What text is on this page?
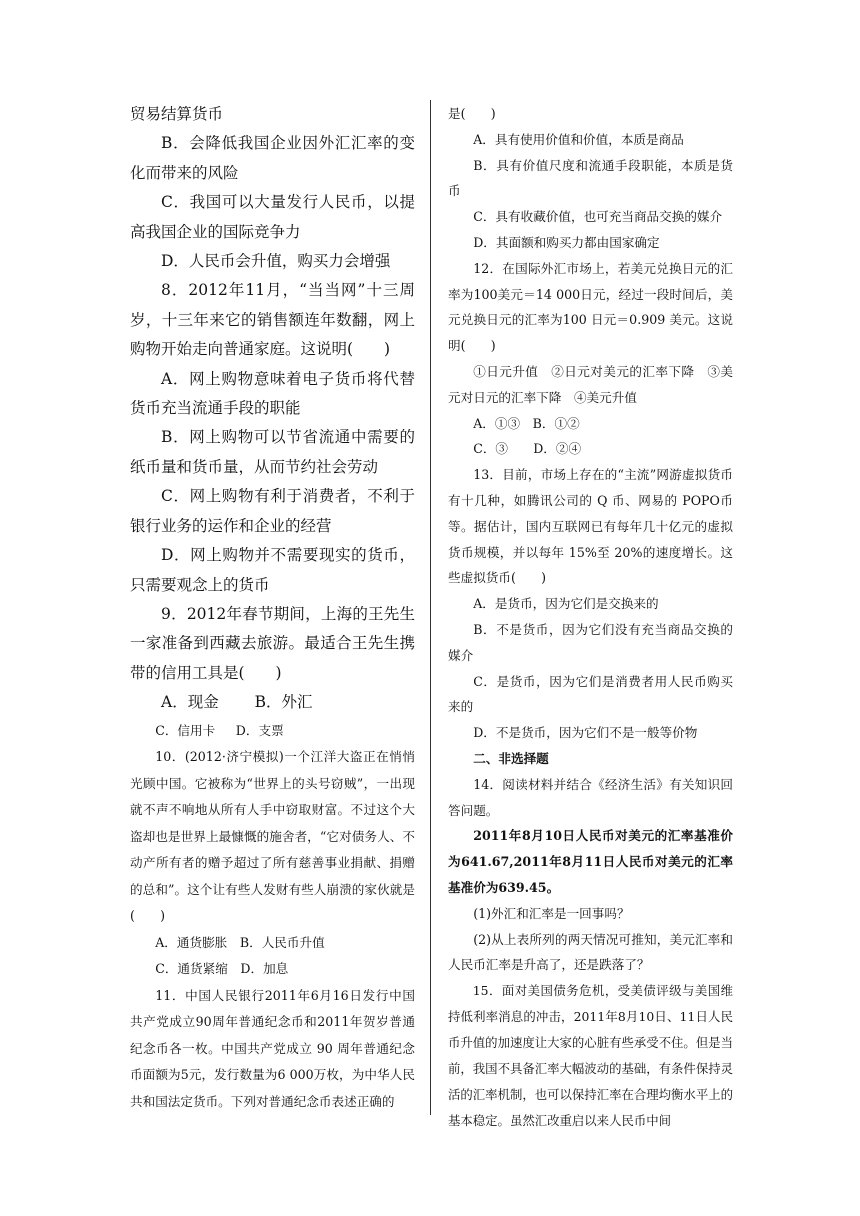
贸易结算货币

B．会降低我国企业因外汇汇率的变化而带来的风险

C．我国可以大量发行人民币，以提高我国企业的国际竞争力

D．人民币会升值，购买力会增强

8．2012年11月，“当当网”十三周岁，十三年来它的销售额连年数翻，网上购物开始走向普通家庭。这说明(　　)

A．网上购物意味着电子货币将代替货币充当流通手段的职能

B．网上购物可以节省流通中需要的纸币量和货币量，从而节约社会劳动

C．网上购物有利于消费者，不利于银行业务的运作和企业的经营

D．网上购物并不需要现实的货币，只需要观念上的货币

9．2012年春节期间，上海的王先生一家准备到西藏去旅游。最适合王先生携带的信用工具是(　　)

A．现金　　 B．外汇

C．信用卡　  D．支票

10．(2012·济宁模拟)一个江洋大盗正在悄悄光顾中国。它被称为“世界上的头号窃贼”，一出现就不声不响地从所有人手中窃取财富。不过这个大盗却也是世界上最慷慨的施舍者，“它对债务人、不动产所有者的赠予超过了所有慈善事业捐献、捐赠的总和”。这个让有些人发财有些人崩溃的家伙就是(　　)

A．通货膨胀　B．人民币升值

C．通货紧缩　D．加息

11．中国人民银行2011年6月16日发行中国共产党成立90周年普通纪念币和2011年贺岁普通纪念币各一枚。中国共产党成立 90 周年普通纪念币面额为5元，发行数量为6 000万枚，为中华人民共和国法定货币。下列对普通纪念币表述正确的

是(　　)

A．具有使用价值和价值，本质是商品

B．具有价值尺度和流通手段职能，本质是货币

C．具有收藏价值，也可充当商品交换的媒介

D．其面额和购买力都由国家确定

12．在国际外汇市场上，若美元兑换日元的汇率为100美元＝14 000日元，经过一段时间后，美元兑换日元的汇率为100 日元＝0.909 美元。这说明(　　)

①日元升值　②日元对美元的汇率下降　③美元对日元的汇率下降　④美元升值

A．①③　B．①②

C．③　　D．②④

13．目前，市场上存在的“主流”网游虚拟货币有十几种，如腾讯公司的 Q 币、网易的 POPO币等。据估计，国内互联网已有每年几十亿元的虚拟货币规模，并以每年 15%至 20%的速度增长。这些虚拟货币(　　)

A．是货币，因为它们是交换来的

B．不是货币，因为它们没有充当商品交换的媒介

C．是货币，因为它们是消费者用人民币购买来的

D．不是货币，因为它们不是一般等价物

二、非选择题

14．阅读材料并结合《经济生活》有关知识回答问题。

2011年8月10日人民币对美元的汇率基准价为641.67,2011年8月11日人民币对美元的汇率基准价为639.45。

(1)外汇和汇率是一回事吗？

(2)从上表所列的两天情况可推知，美元汇率和人民币汇率是升高了，还是跌落了？

15．面对美国债务危机，受美债评级与美国维持低利率消息的冲击，2011年8月10日、11日人民币升值的加速度让大家的心脏有些承受不住。但是当前，我国不具备汇率大幅波动的基础，有条件保持灵活的汇率机制，也可以保持汇率在合理均衡水平上的基本稳定。虽然汇改重启以来人民币中间
